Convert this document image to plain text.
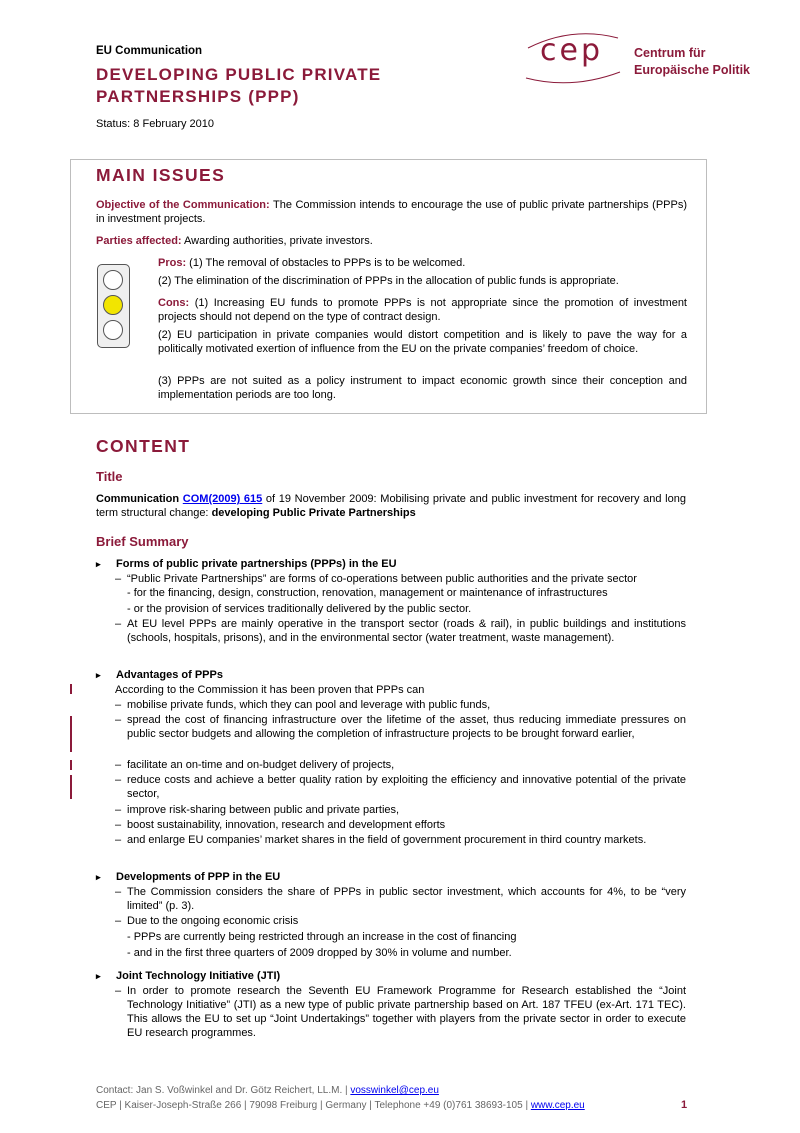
EU Communication
DEVELOPING PUBLIC PRIVATE PARTNERSHIPS (PPP)
Status: 8 February 2010
cep Centrum für
Europäische Politik
MAIN ISSUES
Objective of the Communication: The Commission intends to encourage the use of public private partnerships (PPPs) in investment projects.
Parties affected: Awarding authorities, private investors.
Pros: (1) The removal of obstacles to PPPs is to be welcomed.
(2) The elimination of the discrimination of PPPs in the allocation of public funds is appropriate.
Cons: (1) Increasing EU funds to promote PPPs is not appropriate since the promotion of investment projects should not depend on the type of contract design.
(2) EU participation in private companies would distort competition and is likely to pave the way for a politically motivated exertion of influence from the EU on the private companies’ freedom of choice.
(3) PPPs are not suited as a policy instrument to impact economic growth since their conception and implementation periods are too long.
CONTENT
Title
Communication COM(2009) 615 of 19 November 2009: Mobilising private and public investment for recovery and long term structural change: developing Public Private Partnerships
Brief Summary
▸ Forms of public private partnerships (PPPs) in the EU
– “Public Private Partnerships” are forms of co-operations between public authorities and the private sector
- for the financing, design, construction, renovation, management or maintenance of infrastructures
- or the provision of services traditionally delivered by the public sector.
– At EU level PPPs are mainly operative in the transport sector (roads & rail), in public buildings and institutions (schools, hospitals, prisons), and in the environmental sector (water treatment, waste management).
▸ Advantages of PPPs
According to the Commission it has been proven that PPPs can
– mobilise private funds, which they can pool and leverage with public funds,
– spread the cost of financing infrastructure over the lifetime of the asset, thus reducing immediate pressures on public sector budgets and allowing the completion of infrastructure projects to be brought forward earlier,
– facilitate an on-time and on-budget delivery of projects,
– reduce costs and achieve a better quality ration by exploiting the efficiency and innovative potential of the private sector,
– improve risk-sharing between public and private parties,
– boost sustainability, innovation, research and development efforts
– and enlarge EU companies’ market shares in the field of government procurement in third country markets.
▸ Developments of PPP in the EU
– The Commission considers the share of PPPs in public sector investment, which accounts for 4%, to be “very limited” (p. 3).
– Due to the ongoing economic crisis
- PPPs are currently being restricted through an increase in the cost of financing
- and in the first three quarters of 2009 dropped by 30% in volume and number.
▸ Joint Technology Initiative (JTI)
– In order to promote research the Seventh EU Framework Programme for Research established the “Joint Technology Initiative” (JTI) as a new type of public private partnership based on Art. 187 TFEU (ex-Art. 171 TEC). This allows the EU to set up “Joint Undertakings” together with players from the private sector in order to execute EU research programmes.
Contact: Jan S. Voßwinkel and Dr. Götz Reichert, LL.M. | vosswinkel@cep.eu
CEP | Kaiser-Joseph-Straße 266 | 79098 Freiburg | Germany | Telephone +49 (0)761 38693-105 | www.cep.eu	1
